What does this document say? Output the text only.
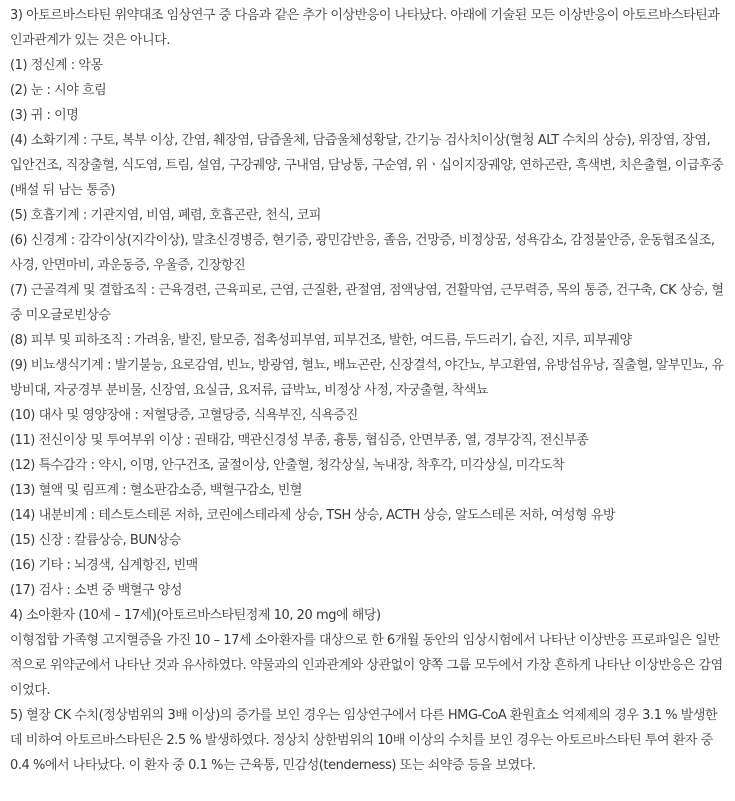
3) 아토르바스타틴 위약대조 임상연구 중 다음과 같은 추가 이상반응이 나타났다. 아래에 기술된 모든 이상반응이 아토르바스타틴과 인과관계가 있는 것은 아니다.

(1) 정신계 : 악몽

(2) 눈 : 시야 흐림

(3) 귀 : 이명

(4) 소화기계 : 구토, 복부 이상, 간염, 췌장염, 담즙울체, 담즙울체성황달, 간기능 검사치이상(혈청 ALT 수치의 상승), 위장염, 장염, 입안건조, 직장출혈, 식도염, 트림, 설염, 구강궤양, 구내염, 담낭통, 구순염, 위ㆍ십이지장궤양, 연하곤란, 흑색변, 치은출혈, 이급후중(배설 뒤 남는 통증)

(5) 호흡기계 : 기관지염, 비염, 폐렴, 호흡곤란, 천식, 코피

(6) 신경계 : 감각이상(지각이상), 말초신경병증, 현기증, 광민감반응, 졸음, 건망증, 비정상꿈, 성욕감소, 감정불안증, 운동협조실조, 사경, 안면마비, 과운동증, 우울증, 긴장항진

(7) 근골격계 및 결합조직 : 근육경련, 근육피로, 근염, 근질환, 관절염, 점액낭염, 건활막염, 근무력증, 목의 통증, 건구축, CK 상승, 혈중 미오글로빈상승

(8) 피부 및 피하조직 : 가려움, 발진, 탈모증, 접촉성피부염, 피부건조, 발한, 여드름, 두드러기, 습진, 지루, 피부궤양

(9) 비뇨생식기계 : 발기불능, 요로감염, 빈뇨, 방광염, 혈뇨, 배뇨곤란, 신장결석, 야간뇨, 부고환염, 유방섬유낭, 질출혈, 알부민뇨, 유방비대, 자궁경부 분비물, 신장염, 요실금, 요저류, 급박뇨, 비정상 사정, 자궁출혈, 착색뇨

(10) 대사 및 영양장애 : 저혈당증, 고혈당증, 식욕부진, 식욕증진

(11) 전신이상 및 투여부위 이상 : 권태감, 맥관신경성 부종, 흉통, 협심증, 안면부종, 열, 경부강직, 전신부종

(12) 특수감각 : 약시, 이명, 안구건조, 굴절이상, 안출혈, 청각상실, 녹내장, 착후각, 미각상실, 미각도착

(13) 혈액 및 림프계 : 혈소판감소증, 백혈구감소, 빈혈

(14) 내분비계 : 테스토스테론 저하, 코린에스테라제 상승, TSH 상승, ACTH 상승, 알도스테론 저하, 여성형 유방

(15) 신장 : 칼륨상승, BUN상승

(16) 기타 : 뇌경색, 심계항진, 빈맥

(17) 검사 : 소변 중 백혈구 양성

4) 소아환자 (10세 – 17세)(아토르바스타틴정제 10, 20 mg에 해당)

이형접합 가족형 고지혈증을 가진 10 – 17세 소아환자를 대상으로 한 6개월 동안의 임상시험에서 나타난 이상반응 프로파일은 일반적으로 위약군에서 나타난 것과 유사하였다. 약물과의 인과관계와 상관없이 양쪽 그룹 모두에서 가장 흔하게 나타난 이상반응은 감염이었다.

5) 혈장 CK 수치(정상범위의 3배 이상)의 증가를 보인 경우는 임상연구에서 다른 HMG-CoA 환원효소 억제제의 경우 3.1 % 발생한데 비하여 아토르바스타틴은 2.5 % 발생하였다. 정상치 상한범위의 10배 이상의 수치를 보인 경우는 아토르바스타틴 투여 환자 중 0.4 %에서 나타났다. 이 환자 중 0.1 %는 근육통, 민감성(tenderness) 또는 쇠약증 등을 보였다.
